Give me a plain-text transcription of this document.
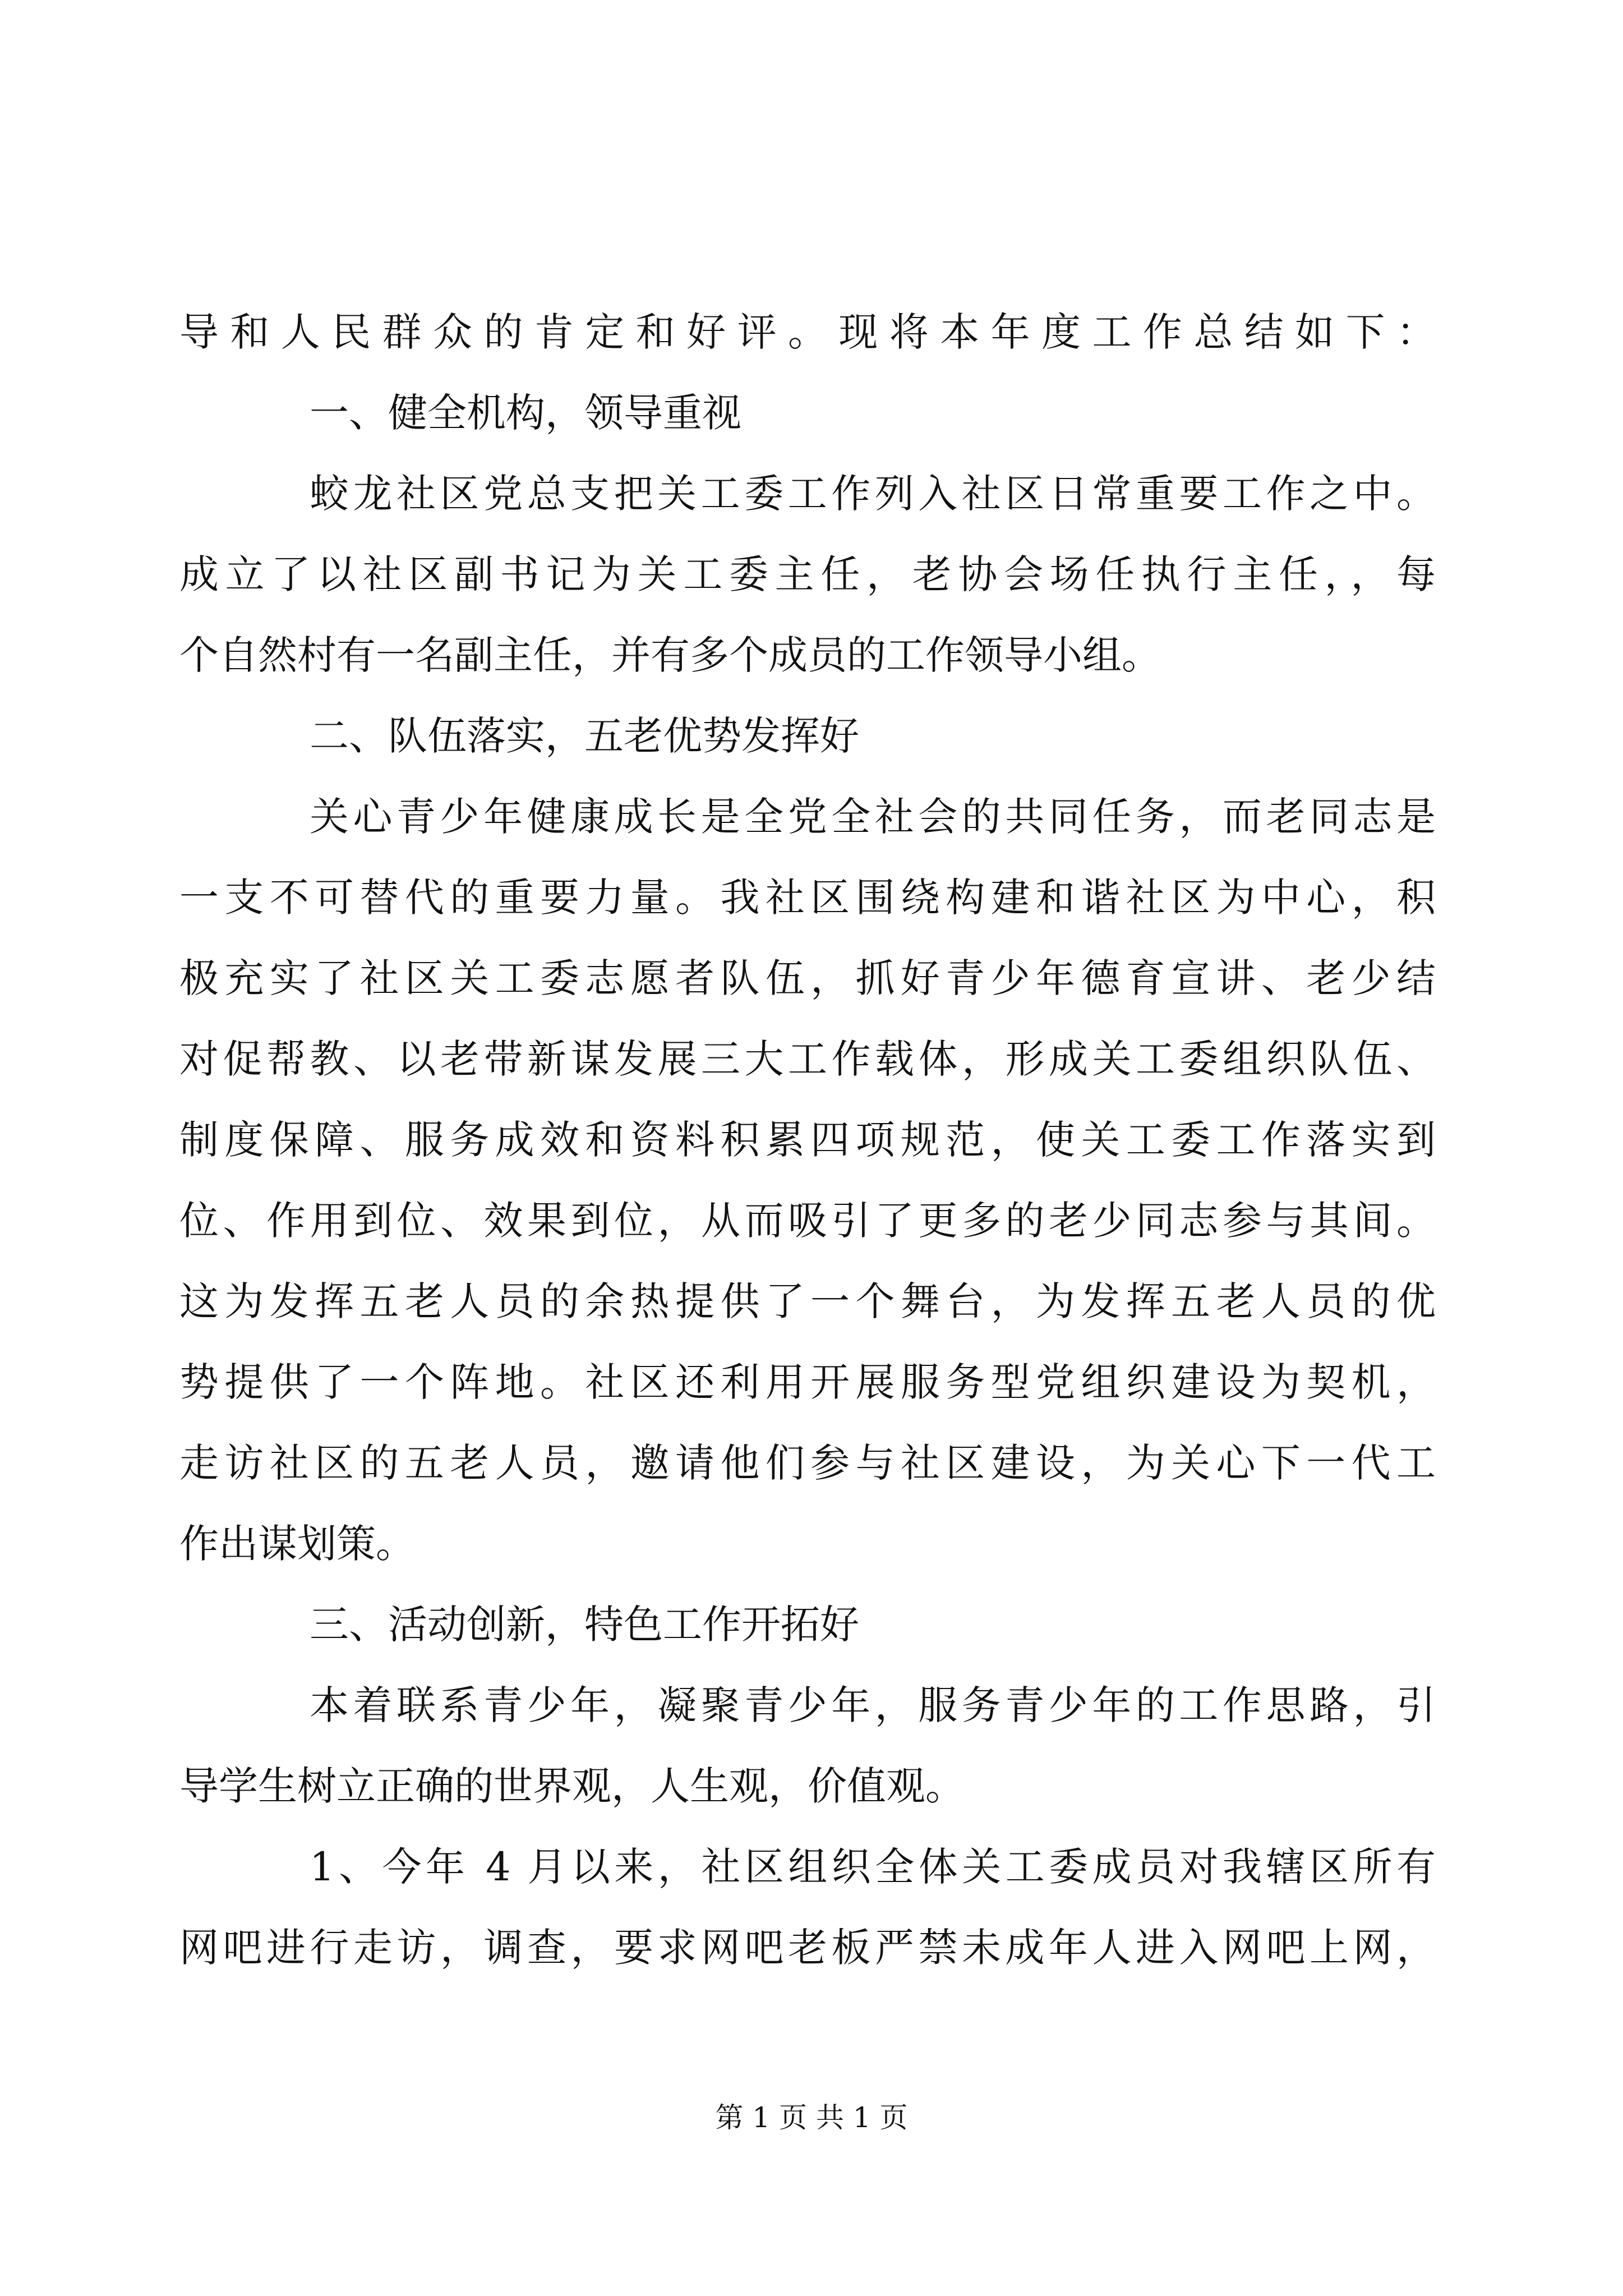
导和人民群众的肯定和好评。现将本年度工作总结如下：
一、健全机构，领导重视
蛟龙社区党总支把关工委工作列入社区日常重要工作之中。
成立了以社区副书记为关工委主任，老协会场任执行主任，，每
个自然村有一名副主任，并有多个成员的工作领导小组。
二、队伍落实，五老优势发挥好
关心青少年健康成长是全党全社会的共同任务，而老同志是
一支不可替代的重要力量。我社区围绕构建和谐社区为中心，积
极充实了社区关工委志愿者队伍，抓好青少年德育宣讲、老少结
对促帮教、以老带新谋发展三大工作载体，形成关工委组织队伍、
制度保障、服务成效和资料积累四项规范，使关工委工作落实到
位、作用到位、效果到位，从而吸引了更多的老少同志参与其间。
这为发挥五老人员的余热提供了一个舞台，为发挥五老人员的优
势提供了一个阵地。社区还利用开展服务型党组织建设为契机，
走访社区的五老人员，邀请他们参与社区建设，为关心下一代工
作出谋划策。
三、活动创新，特色工作开拓好
本着联系青少年，凝聚青少年，服务青少年的工作思路，引
导学生树立正确的世界观，人生观，价值观。
1、今年 4 月以来，社区组织全体关工委成员对我辖区所有
网吧进行走访，调查，要求网吧老板严禁未成年人进入网吧上网，
第 1 页 共 1 页
